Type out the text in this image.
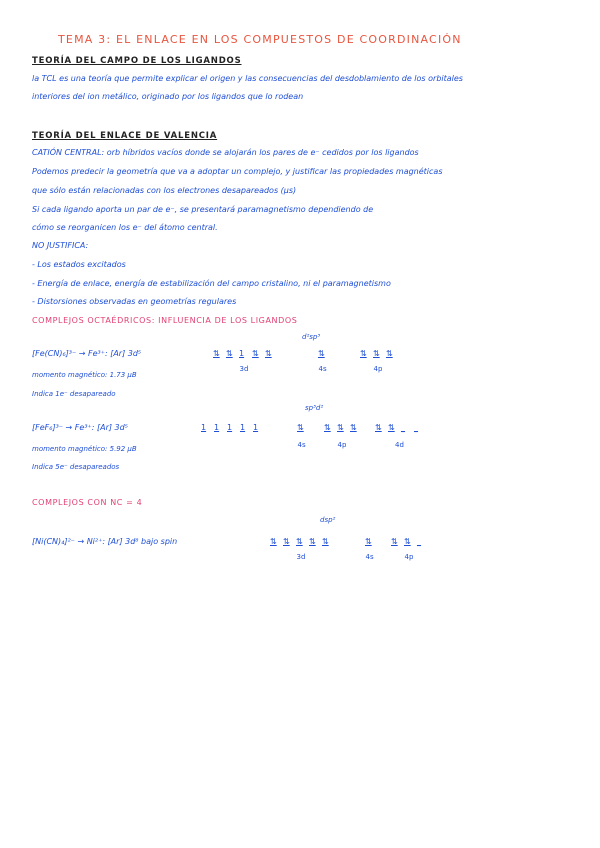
TEMA 3: EL ENLACE EN LOS COMPUESTOS DE COORDINACIÓN
TEORÍA DEL CAMPO DE LOS LIGANDOS
la TCL es una teoría que permite explicar el origen y las consecuencias del desdoblamiento de los orbitales
interiores del ion metálico, originado por los ligandos que lo rodean
TEORÍA DEL ENLACE DE VALENCIA
CATIÓN CENTRAL: orb híbridos vacíos donde se alojarán los pares de e⁻ cedidos por los ligandos
Podemos predecir la geometría que va a adoptar un complejo, y justificar las propiedades magnéticas
que sólo están relacionadas con los electrones desapareados (μs)
Si cada ligando aporta un par de e⁻, se presentará paramagnetismo dependiendo de
cómo se reorganicen los e⁻ del átomo central.
NO JUSTIFICA:
- Los estados excitados
- Energía de enlace, energía de estabilización del campo cristalino, ni el paramagnetismo
- Distorsiones observadas en geometrías regulares
COMPLEJOS OCTAÉDRICOS: INFLUENCIA DE LOS LIGANDOS
d²sp³
[Fe(CN)₆]³⁻ → Fe³⁺: [Ar] 3d⁵
momento magnético: 1.73 μB
Indica 1e⁻ desapareado
⇅ ⇅ 1 ⇅ ⇅
3d
⇅
4s
⇅ ⇅ ⇅
4p
sp³d²
[FeF₆]³⁻ → Fe³⁺: [Ar] 3d⁵
momento magnético: 5.92 μB
Indica 5e⁻ desapareados
1 1 1 1 1	⇅
4s
⇅ ⇅ ⇅
4p
⇅ ⇅ _ _
4d
COMPLEJOS CON NC = 4
dsp²
[Ni(CN)₄]²⁻ → Ni²⁺: [Ar] 3d⁸ bajo spin	⇅ ⇅ ⇅ ⇅ ⇅
3d
⇅
4s
⇅ ⇅ _
4p
